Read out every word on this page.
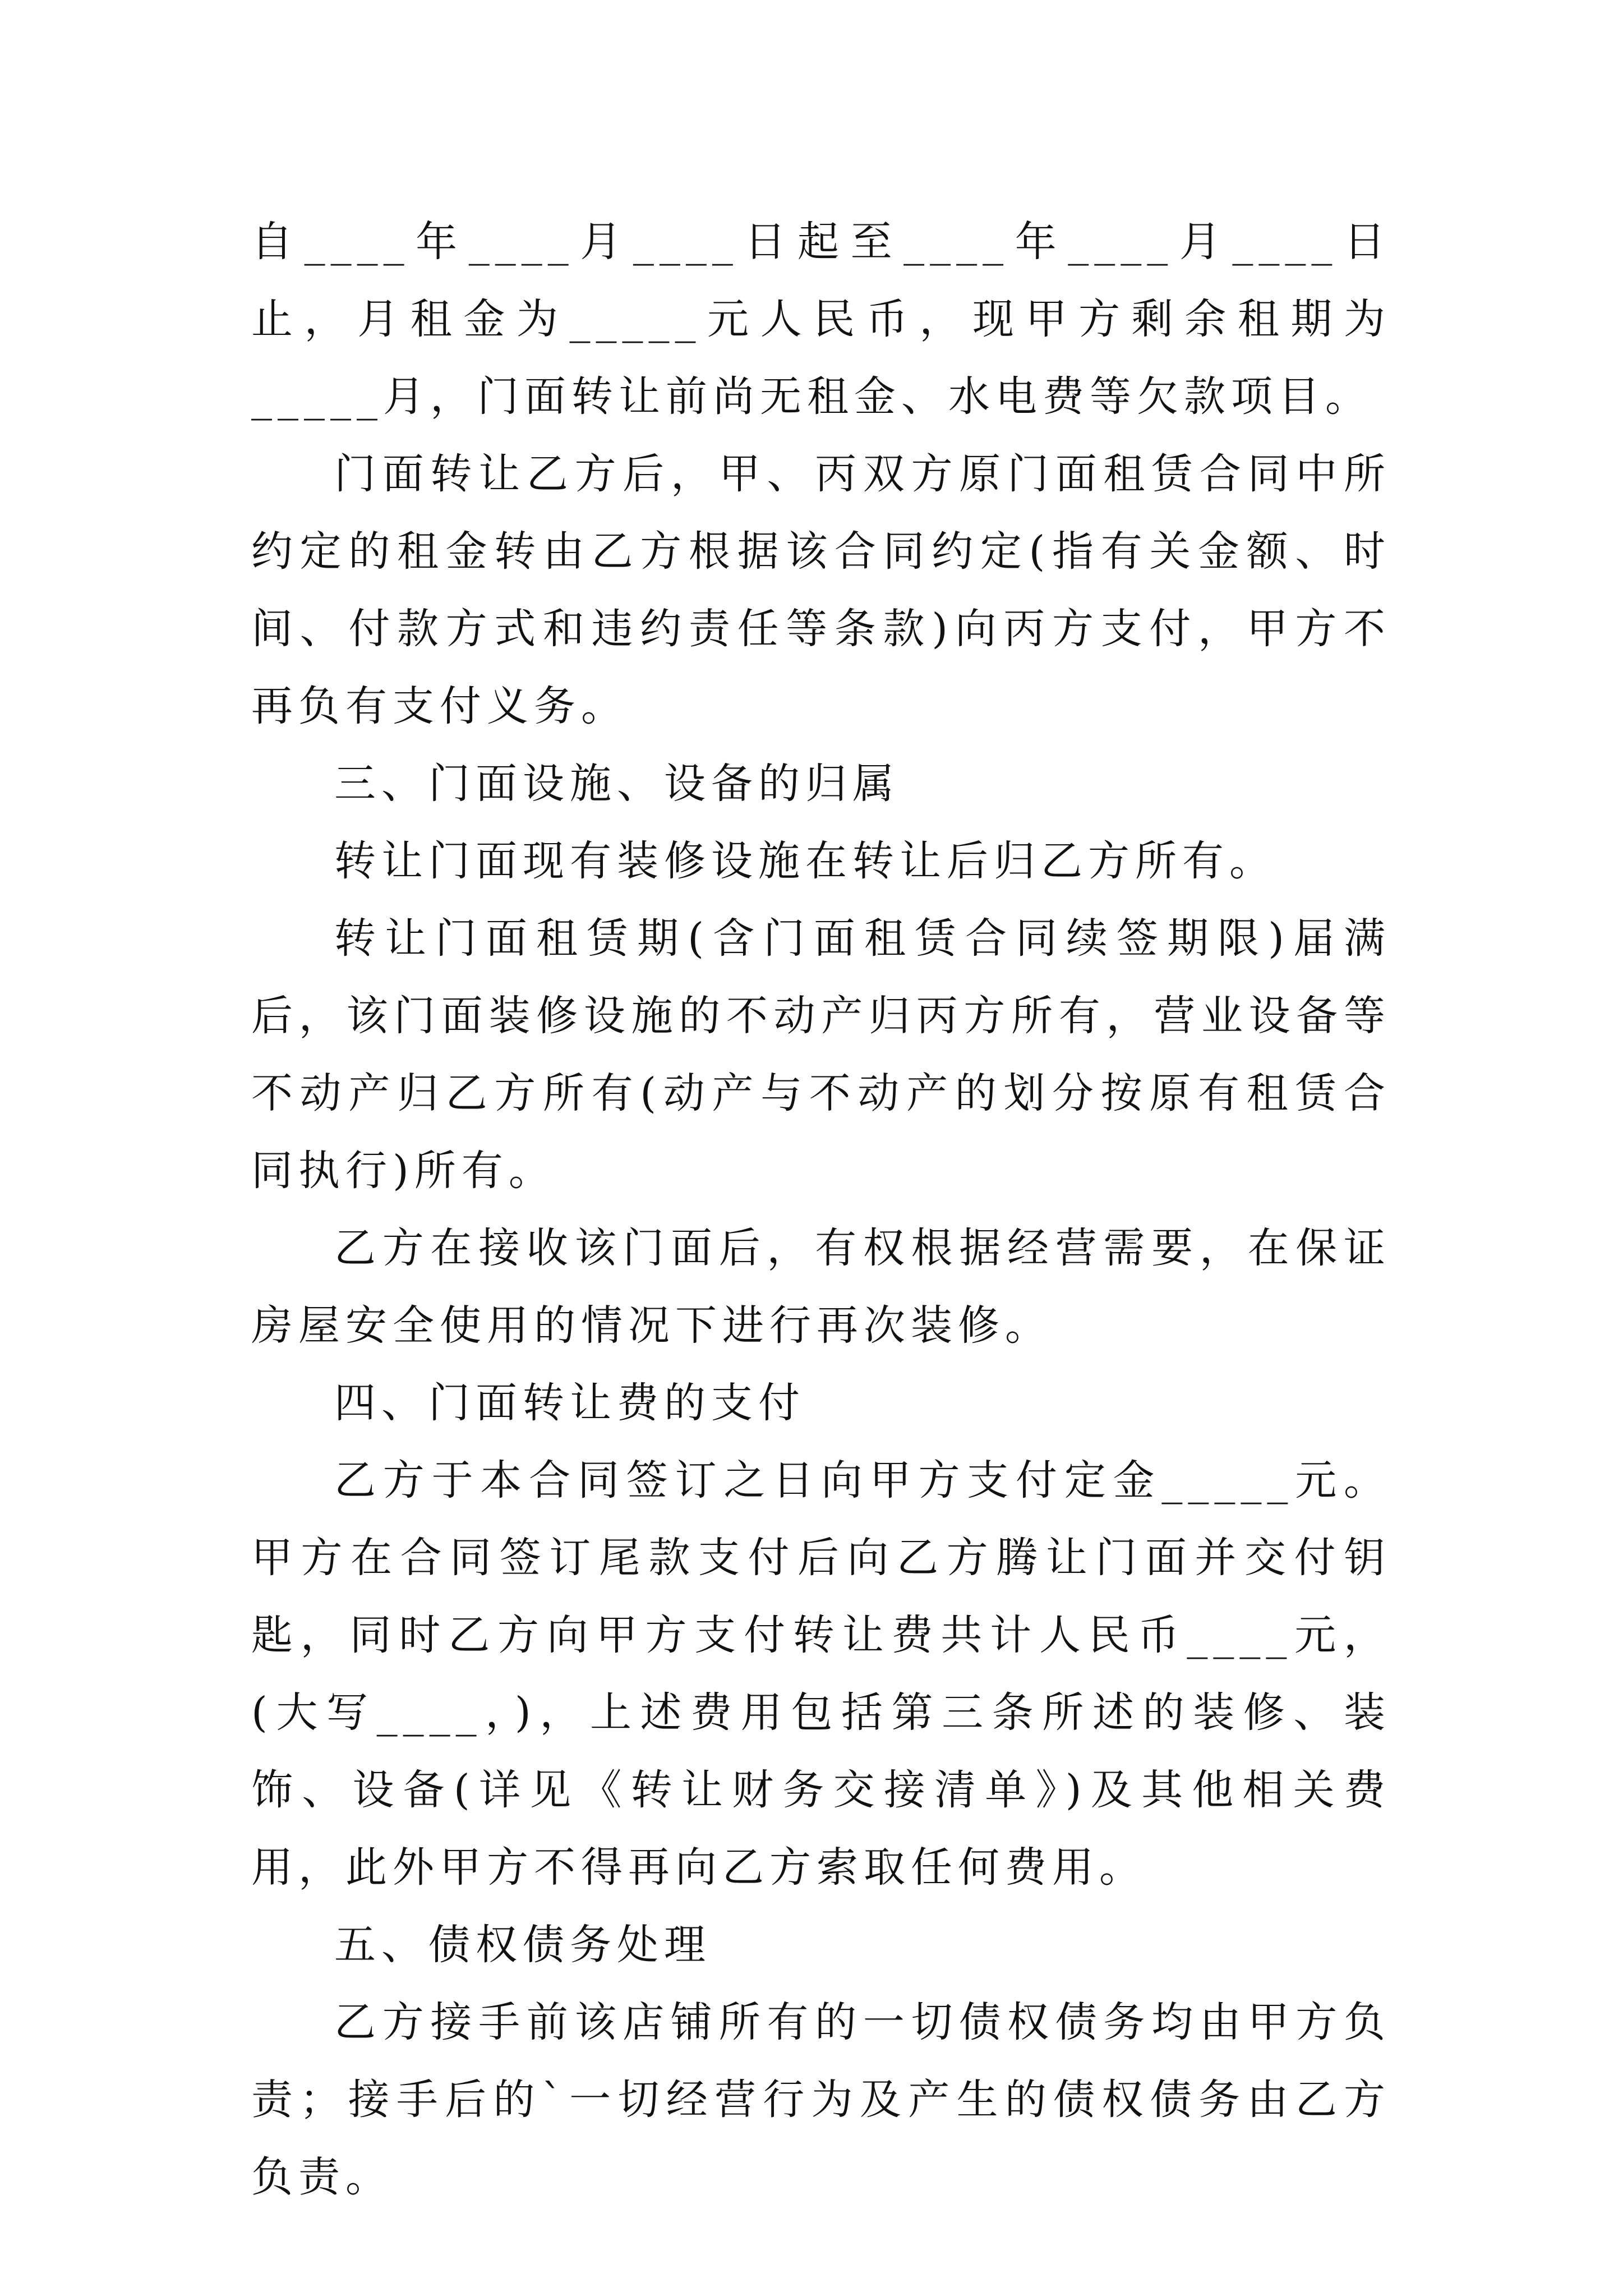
自____年____月____日起至____年____月____日止，月租金为_____元人民币，现甲方剩余租期为_____月，门面转让前尚无租金、水电费等欠款项目。

门面转让乙方后，甲、丙双方原门面租赁合同中所约定的租金转由乙方根据该合同约定(指有关金额、时间、付款方式和违约责任等条款)向丙方支付，甲方不再负有支付义务。

三、门面设施、设备的归属

转让门面现有装修设施在转让后归乙方所有。

转让门面租赁期(含门面租赁合同续签期限)届满后，该门面装修设施的不动产归丙方所有，营业设备等不动产归乙方所有(动产与不动产的划分按原有租赁合同执行)所有。

乙方在接收该门面后，有权根据经营需要，在保证房屋安全使用的情况下进行再次装修。

四、门面转让费的支付

乙方于本合同签订之日向甲方支付定金_____元。甲方在合同签订尾款支付后向乙方腾让门面并交付钥匙，同时乙方向甲方支付转让费共计人民币____元，(大写____，)，上述费用包括第三条所述的装修、装饰、设备(详见《转让财务交接清单》)及其他相关费用，此外甲方不得再向乙方索取任何费用。

五、债权债务处理

乙方接手前该店铺所有的一切债权债务均由甲方负责；接手后的`一切经营行为及产生的债权债务由乙方负责。
